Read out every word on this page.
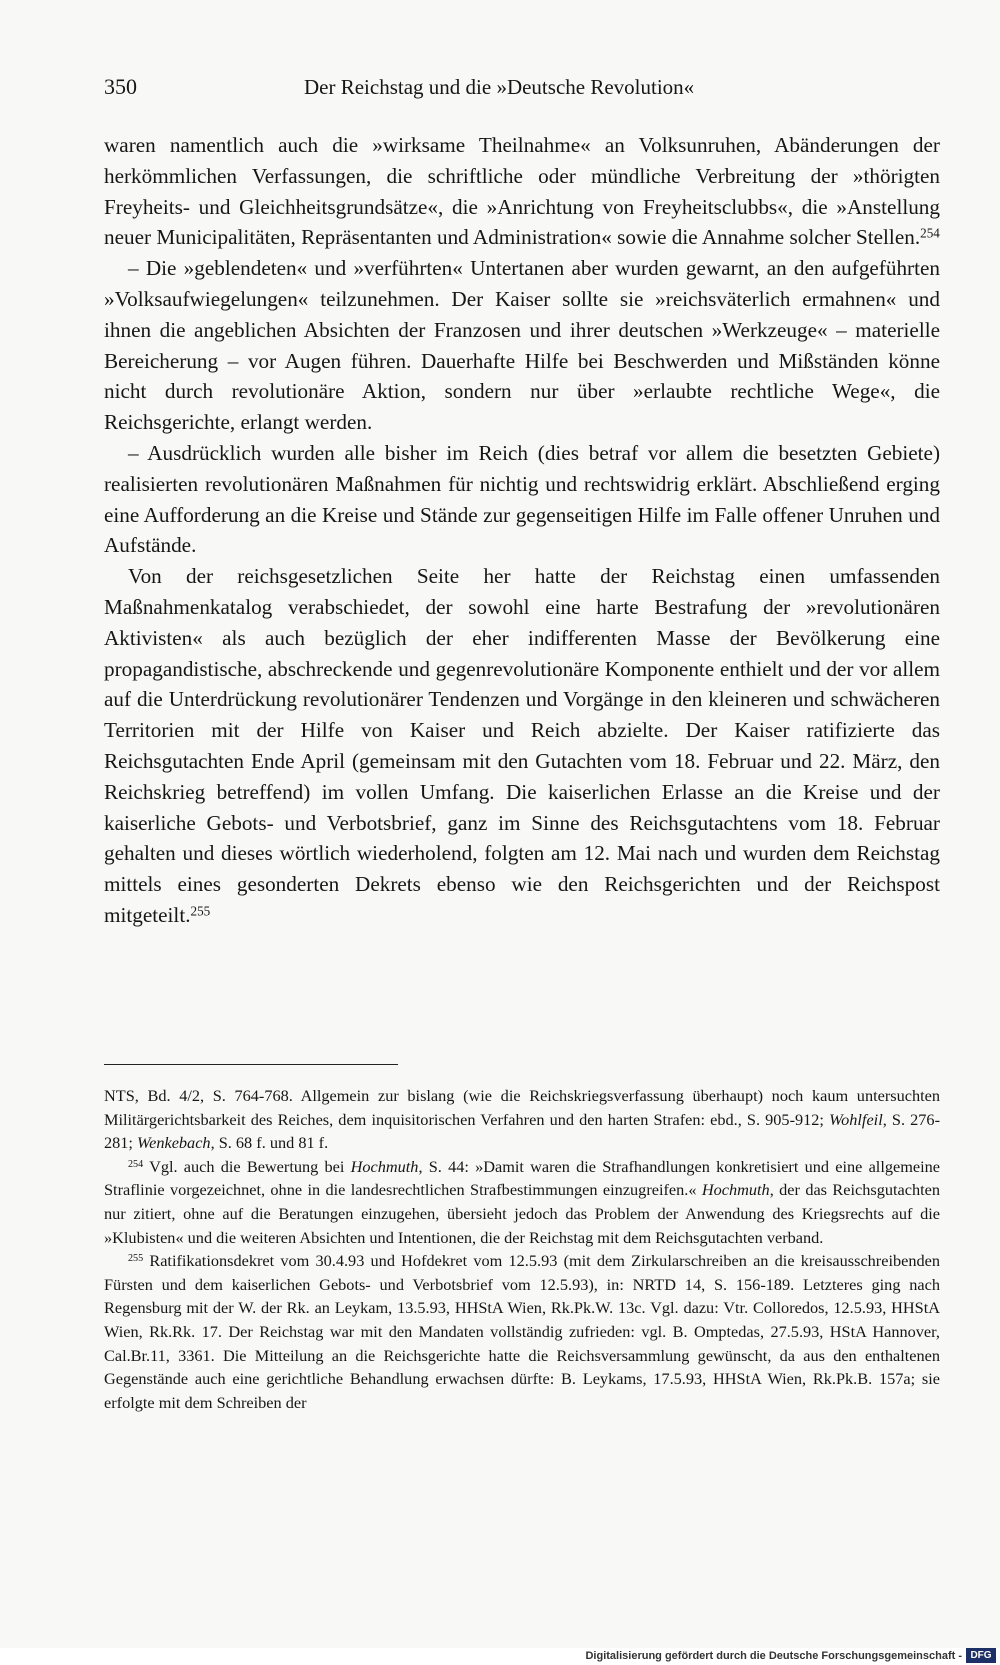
350	Der Reichstag und die »Deutsche Revolution«

waren namentlich auch die »wirksame Theilnahme« an Volksunruhen, Abänderungen der herkömmlichen Verfassungen, die schriftliche oder mündliche Verbreitung der »thörigten Freyheits- und Gleichheitsgrundsätze«, die »Anrichtung von Freyheitsclubbs«, die »Anstellung neuer Municipalitäten, Repräsentanten und Administration« sowie die Annahme solcher Stellen.$^{254}$

– Die »geblendeten« und »verführten« Untertanen aber wurden gewarnt, an den aufgeführten »Volksaufwiegelungen« teilzunehmen. Der Kaiser sollte sie »reichsväterlich ermahnen« und ihnen die angeblichen Absichten der Franzosen und ihrer deutschen »Werkzeuge« – materielle Bereicherung – vor Augen führen. Dauerhafte Hilfe bei Beschwerden und Mißständen könne nicht durch revolutionäre Aktion, sondern nur über »erlaubte rechtliche Wege«, die Reichsgerichte, erlangt werden.

– Ausdrücklich wurden alle bisher im Reich (dies betraf vor allem die besetzten Gebiete) realisierten revolutionären Maßnahmen für nichtig und rechtswidrig erklärt. Abschließend erging eine Aufforderung an die Kreise und Stände zur gegenseitigen Hilfe im Falle offener Unruhen und Aufstände.

Von der reichsgesetzlichen Seite her hatte der Reichstag einen umfassenden Maßnahmenkatalog verabschiedet, der sowohl eine harte Bestrafung der »revolutionären Aktivisten« als auch bezüglich der eher indifferenten Masse der Bevölkerung eine propagandistische, abschreckende und gegenrevolutionäre Komponente enthielt und der vor allem auf die Unterdrückung revolutionärer Tendenzen und Vorgänge in den kleineren und schwächeren Territorien mit der Hilfe von Kaiser und Reich abzielte. Der Kaiser ratifizierte das Reichsgutachten Ende April (gemeinsam mit den Gutachten vom 18. Februar und 22. März, den Reichskrieg betreffend) im vollen Umfang. Die kaiserlichen Erlasse an die Kreise und der kaiserliche Gebots- und Verbotsbrief, ganz im Sinne des Reichsgutachtens vom 18. Februar gehalten und dieses wörtlich wiederholend, folgten am 12. Mai nach und wurden dem Reichstag mittels eines gesonderten Dekrets ebenso wie den Reichsgerichten und der Reichspost mitgeteilt.$^{255}$

NTS, Bd. 4/2, S. 764-768. Allgemein zur bislang (wie die Reichskriegsverfassung überhaupt) noch kaum untersuchten Militärgerichtsbarkeit des Reiches, dem inquisitorischen Verfahren und den harten Strafen: ebd., S. 905-912; Wohlfeil, S. 276-281; Wenkebach, S. 68 f. und 81 f.

$^{254}$ Vgl. auch die Bewertung bei Hochmuth, S. 44: »Damit waren die Strafhandlungen konkretisiert und eine allgemeine Straflinie vorgezeichnet, ohne in die landesrechtlichen Strafbestimmungen einzugreifen.« Hochmuth, der das Reichsgutachten nur zitiert, ohne auf die Beratungen einzugehen, übersieht jedoch das Problem der Anwendung des Kriegsrechts auf die »Klubisten« und die weiteren Absichten und Intentionen, die der Reichstag mit dem Reichsgutachten verband.

$^{255}$ Ratifikationsdekret vom 30.4.93 und Hofdekret vom 12.5.93 (mit dem Zirkularschreiben an die kreisausschreibenden Fürsten und dem kaiserlichen Gebots- und Verbotsbrief vom 12.5.93), in: NRTD 14, S. 156-189. Letzteres ging nach Regensburg mit der W. der Rk. an Leykam, 13.5.93, HHStA Wien, Rk.Pk.W. 13c. Vgl. dazu: Vtr. Colloredos, 12.5.93, HHStA Wien, Rk.Rk. 17. Der Reichstag war mit den Mandaten vollständig zufrieden: vgl. B. Omptedas, 27.5.93, HStA Hannover, Cal.Br.11, 3361. Die Mitteilung an die Reichsgerichte hatte die Reichsversammlung gewünscht, da aus den enthaltenen Gegenstände auch eine gerichtliche Behandlung erwachsen dürfte: B. Leykams, 17.5.93, HHStA Wien, Rk.Pk.B. 157a; sie erfolgte mit dem Schreiben der

Digitalisierung gefördert durch die Deutsche Forschungsgemeinschaft - DFG
